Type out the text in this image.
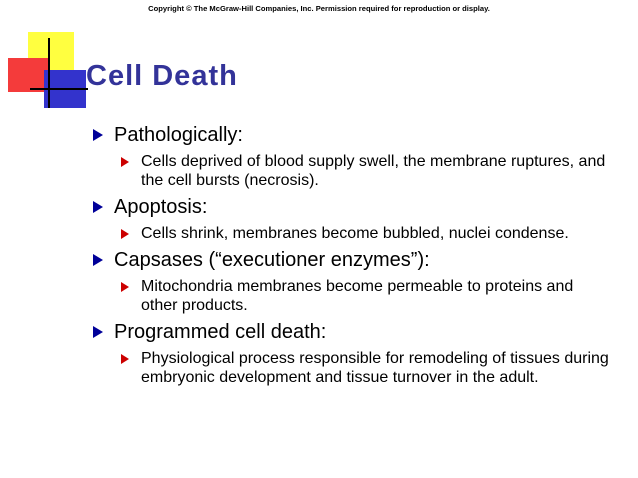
Copyright © The McGraw-Hill Companies, Inc. Permission required for reproduction or display.
Cell Death
Pathologically:
Cells deprived of blood supply swell, the membrane ruptures, and the cell bursts (necrosis).
Apoptosis:
Cells shrink, membranes become bubbled, nuclei condense.
Capsases (“executioner enzymes”):
Mitochondria membranes become permeable to proteins and other products.
Programmed cell death:
Physiological process responsible for remodeling of tissues during embryonic development and tissue turnover in the adult.
